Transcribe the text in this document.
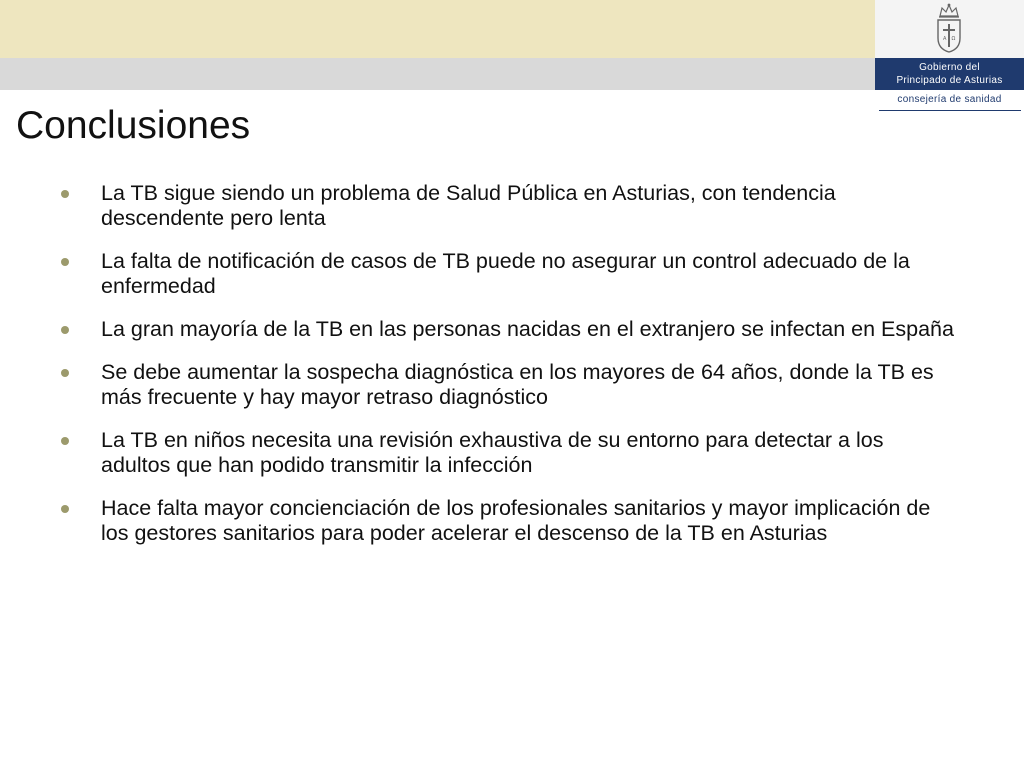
A Ω
Gobierno del
Principado de Asturias
consejería de sanidad
Conclusiones
La TB sigue siendo un problema de Salud Pública en Asturias, con tendencia descendente pero lenta
La falta de notificación de casos de TB puede no asegurar un control adecuado de la enfermedad
La gran mayoría de la TB en las personas nacidas en el extranjero se infectan en España
Se debe aumentar la sospecha diagnóstica en los mayores de 64 años, donde la TB es más frecuente y hay mayor retraso diagnóstico
La TB en niños necesita una revisión exhaustiva de su entorno para detectar a los adultos que han podido transmitir la infección
Hace falta mayor concienciación de los profesionales sanitarios y mayor implicación de los gestores sanitarios para poder acelerar el descenso de la TB en Asturias
